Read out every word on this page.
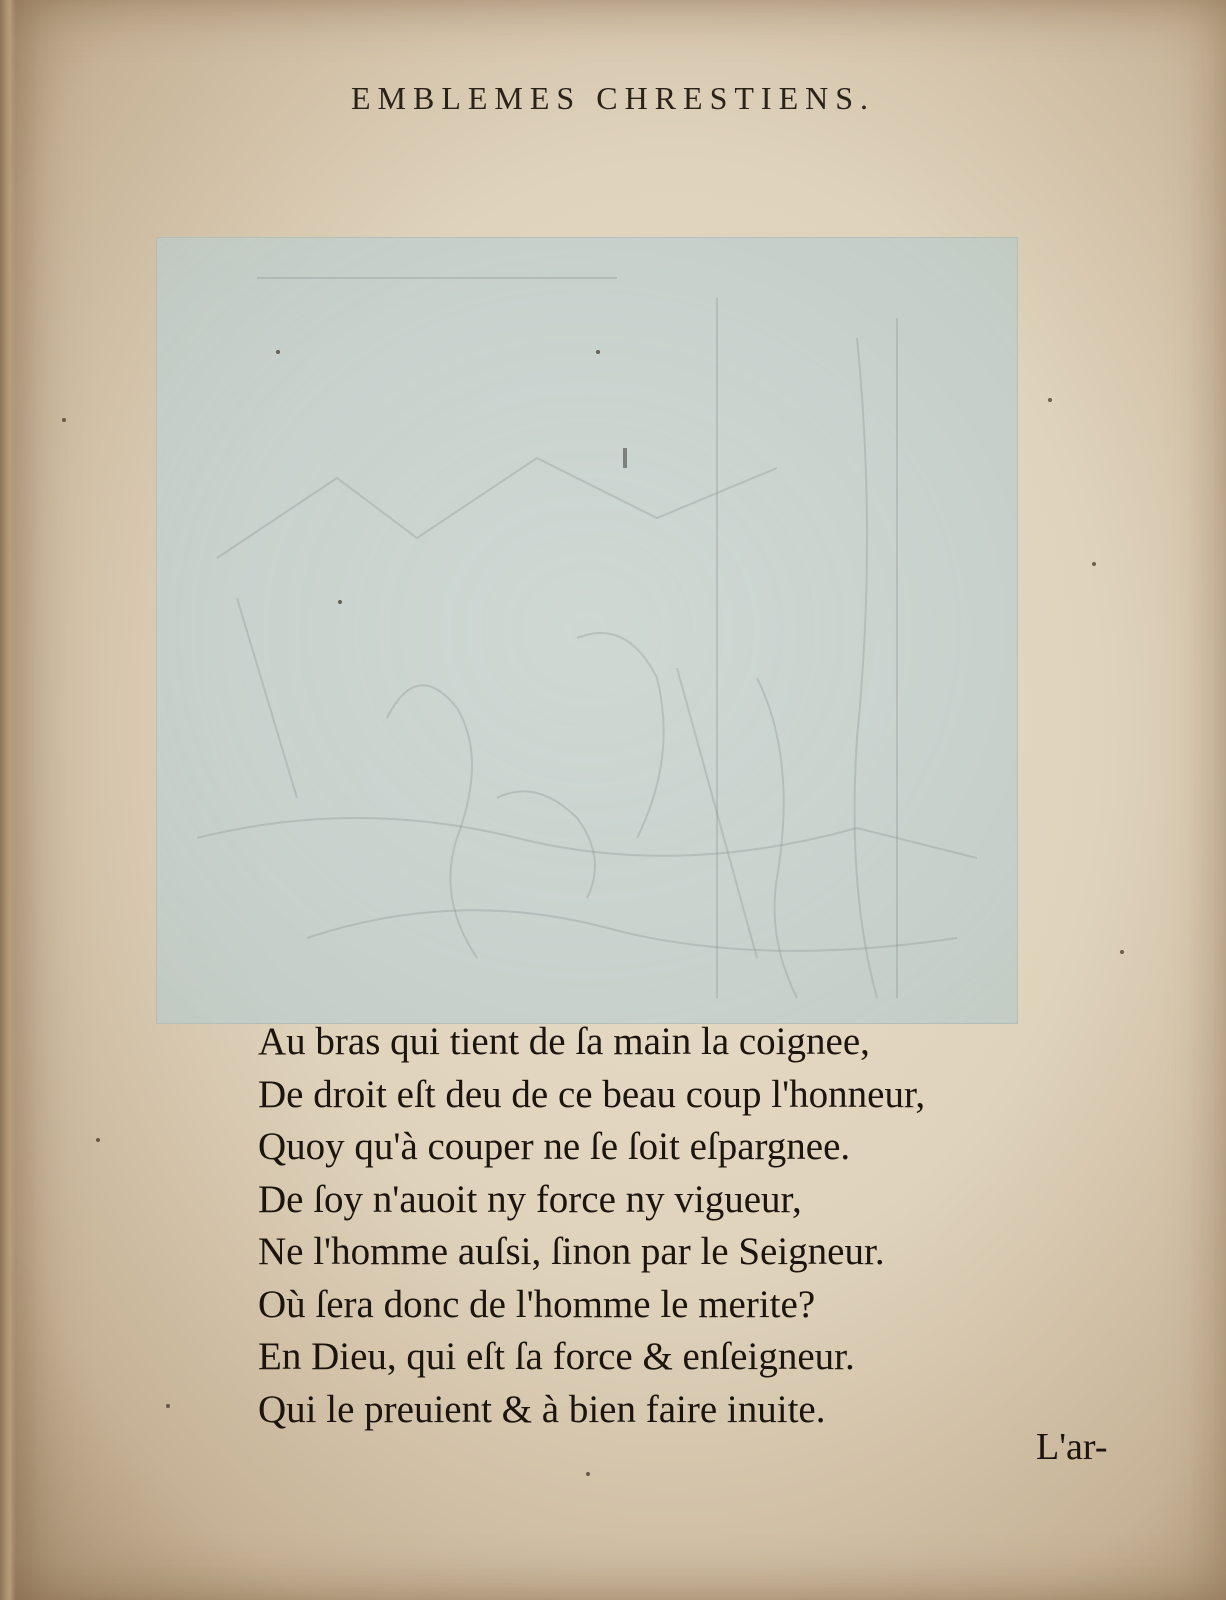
EMBLEMES CHRESTIENS.
Au bras qui tient de ſa main la coignee,
De droit eſt deu de ce beau coup l'honneur,
Quoy qu'à couper ne ſe ſoit eſpargnee.
De ſoy n'auoit ny force ny vigueur,
Ne l'homme auſsi, ſinon par le Seigneur.
Où ſera donc de l'homme le merite?
En Dieu, qui eſt ſa force & enſeigneur.
Qui le preuient & à bien faire inuite.
L'ar-
